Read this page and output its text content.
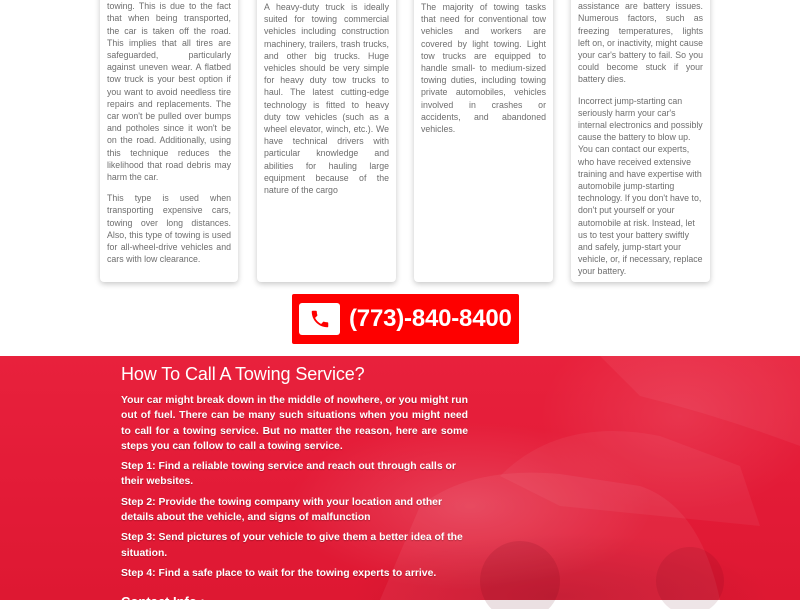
towing. This is due to the fact that when being transported, the car is taken off the road. This implies that all tires are safeguarded, particularly against uneven wear. A flatbed tow truck is your best option if you want to avoid needless tire repairs and replacements. The car won't be pulled over bumps and potholes since it won't be on the road. Additionally, using this technique reduces the likelihood that road debris may harm the car.

This type is used when transporting expensive cars, towing over long distances. Also, this type of towing is used for all-wheel-drive vehicles and cars with low clearance.

A heavy-duty truck is ideally suited for towing commercial vehicles including construction machinery, trailers, trash trucks, and other big trucks. Huge vehicles should be very simple for heavy duty tow trucks to haul. The latest cutting-edge technology is fitted to heavy duty tow vehicles (such as a wheel elevator, winch, etc.). We have technical drivers with particular knowledge and abilities for hauling large equipment because of the nature of the cargo

The majority of towing tasks that need for conventional tow vehicles and workers are covered by light towing. Light tow trucks are equipped to handle small- to medium-sized towing duties, including towing private automobiles, vehicles involved in crashes or accidents, and abandoned vehicles.

assistance are battery issues. Numerous factors, such as freezing temperatures, lights left on, or inactivity, might cause your car's battery to fail. So you could become stuck if your battery dies.

Incorrect jump-starting can seriously harm your car's internal electronics and possibly cause the battery to blow up. You can contact our experts, who have received extensive training and have expertise with automobile jump-starting technology. If you don't have to, don't put yourself or your automobile at risk. Instead, let us to test your battery swiftly and safely, jump-start your vehicle, or, if necessary, replace your battery.

(773)-840-8400
How To Call A Towing Service?

Your car might break down in the middle of nowhere, or you might run out of fuel. There can be many such situations when you might need to call for a towing service. But no matter the reason, here are some steps you can follow to call a towing service.

Step 1: Find a reliable towing service and reach out through calls or their websites.

Step 2: Provide the towing company with your location and other details about the vehicle, and signs of malfunction

Step 3: Send pictures of your vehicle to give them a better idea of the situation.

Step 4: Find a safe place to wait for the towing experts to arrive.

Contact Info :
